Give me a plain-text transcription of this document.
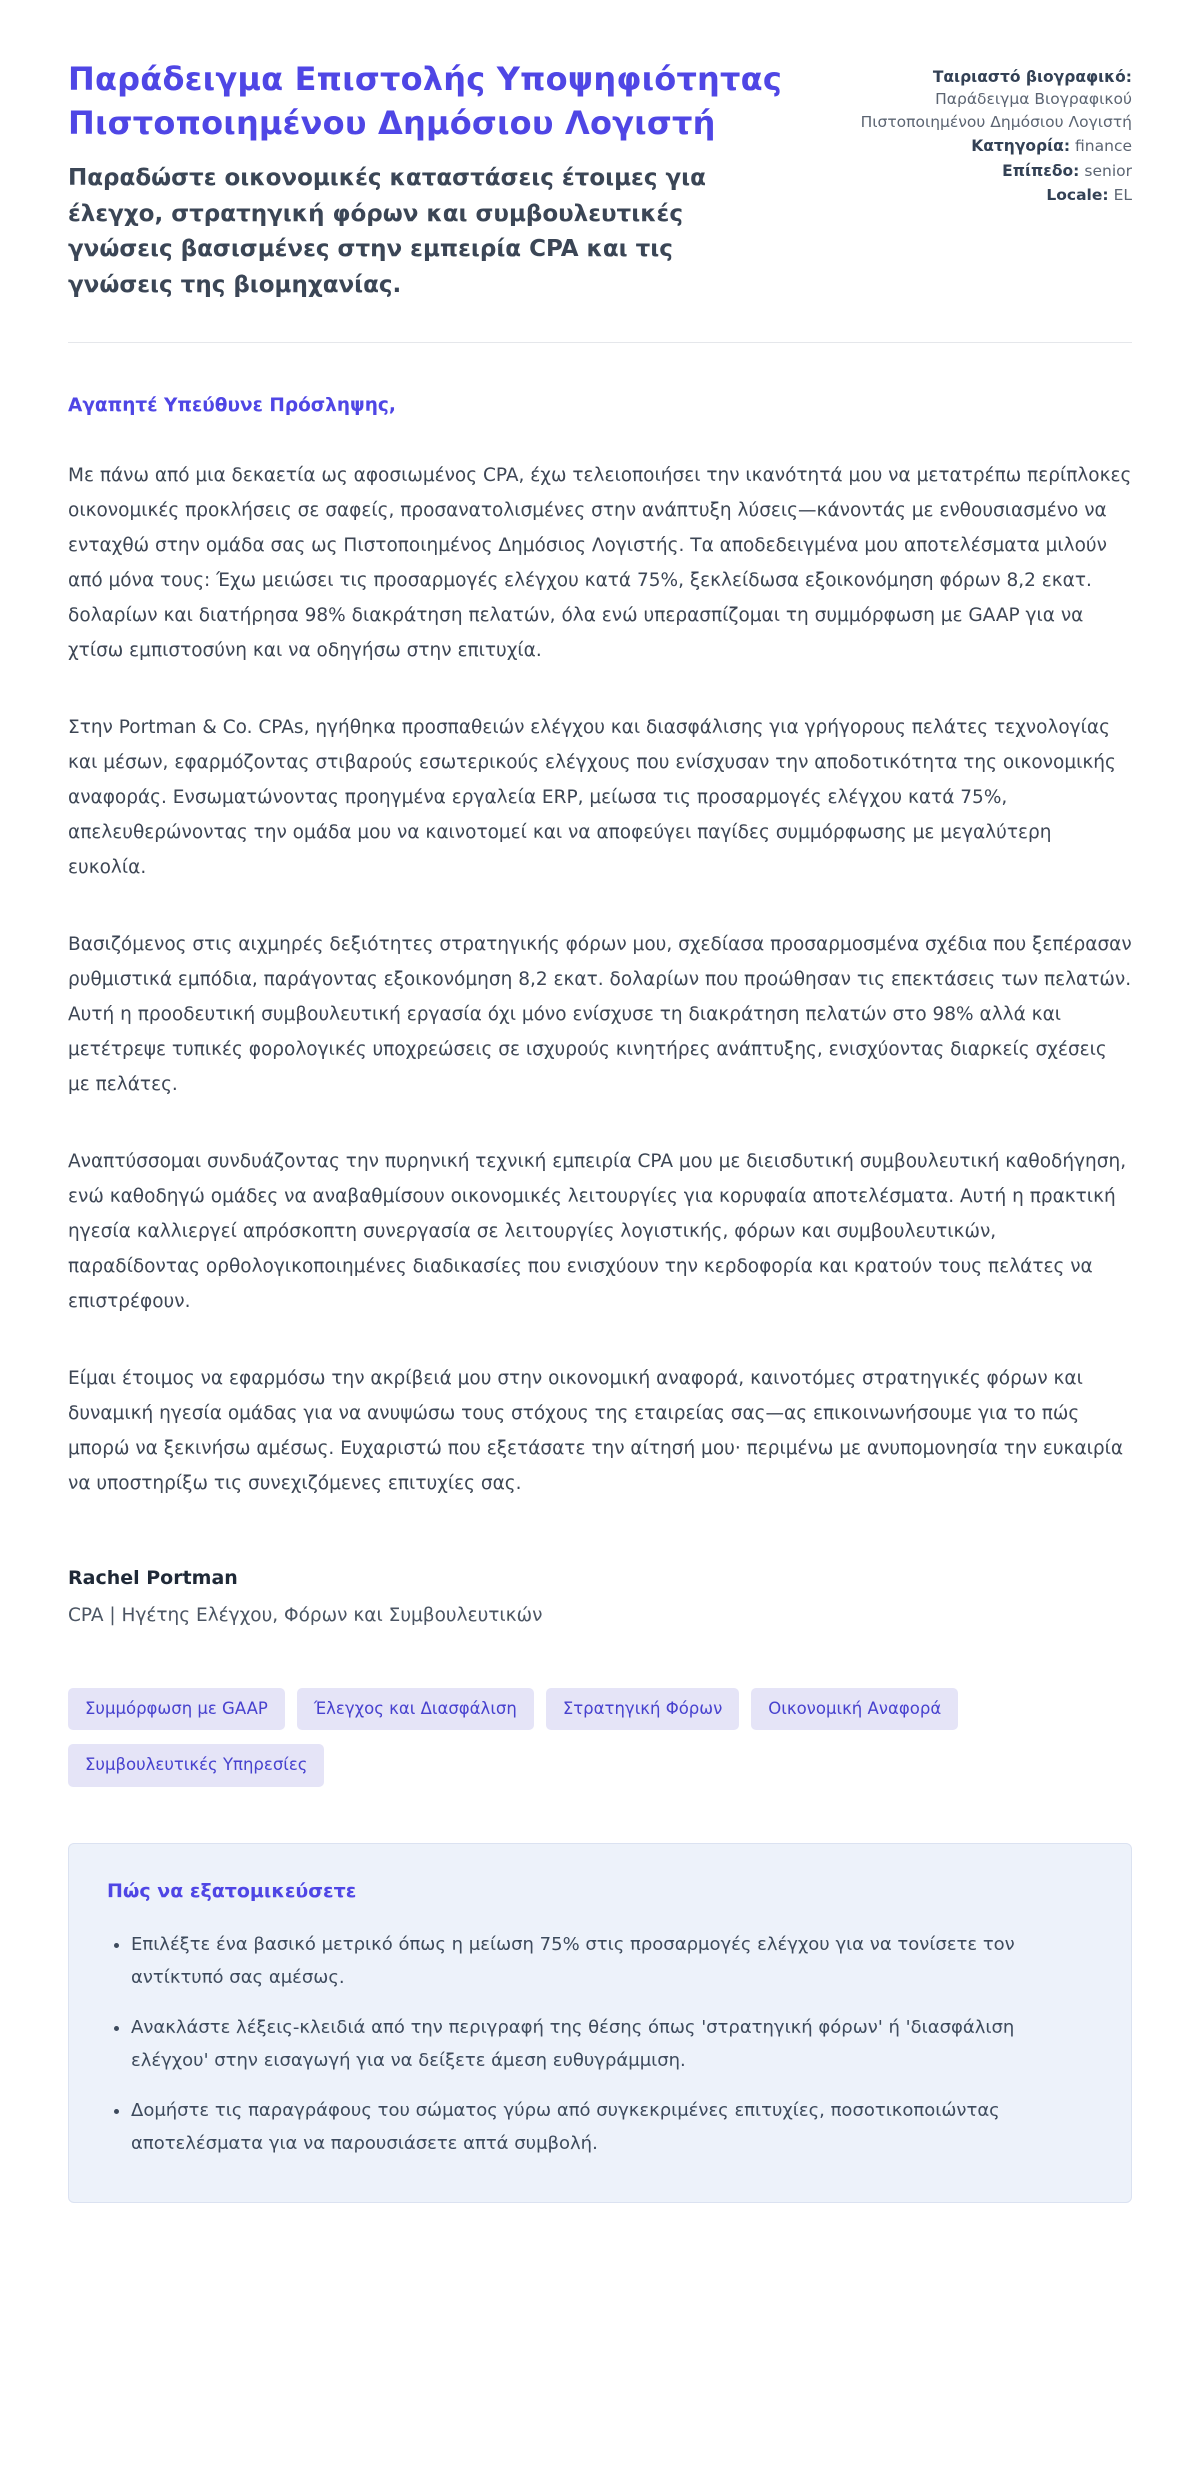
Παράδειγμα Επιστολής Υποψηφιότητας Πιστοποιημένου Δημόσιου Λογιστή

Παραδώστε οικονομικές καταστάσεις έτοιμες για έλεγχο, στρατηγική φόρων και συμβουλευτικές γνώσεις βασισμένες στην εμπειρία CPA και τις γνώσεις της βιομηχανίας.

Ταιριαστό βιογραφικό:
Παράδειγμα Βιογραφικού Πιστοποιημένου Δημόσιου Λογιστή
Κατηγορία: finance
Επίπεδο: senior
Locale: EL

Αγαπητέ Υπεύθυνε Πρόσληψης,

Με πάνω από μια δεκαετία ως αφοσιωμένος CPA, έχω τελειοποιήσει την ικανότητά μου να μετατρέπω περίπλοκες οικονομικές προκλήσεις σε σαφείς, προσανατολισμένες στην ανάπτυξη λύσεις—κάνοντάς με ενθουσιασμένο να ενταχθώ στην ομάδα σας ως Πιστοποιημένος Δημόσιος Λογιστής. Τα αποδεδειγμένα μου αποτελέσματα μιλούν από μόνα τους: Έχω μειώσει τις προσαρμογές ελέγχου κατά 75%, ξεκλείδωσα εξοικονόμηση φόρων 8,2 εκατ. δολαρίων και διατήρησα 98% διακράτηση πελατών, όλα ενώ υπερασπίζομαι τη συμμόρφωση με GAAP για να χτίσω εμπιστοσύνη και να οδηγήσω στην επιτυχία.

Στην Portman & Co. CPAs, ηγήθηκα προσπαθειών ελέγχου και διασφάλισης για γρήγορους πελάτες τεχνολογίας και μέσων, εφαρμόζοντας στιβαρούς εσωτερικούς ελέγχους που ενίσχυσαν την αποδοτικότητα της οικονομικής αναφοράς. Ενσωματώνοντας προηγμένα εργαλεία ERP, μείωσα τις προσαρμογές ελέγχου κατά 75%, απελευθερώνοντας την ομάδα μου να καινοτομεί και να αποφεύγει παγίδες συμμόρφωσης με μεγαλύτερη ευκολία.

Βασιζόμενος στις αιχμηρές δεξιότητες στρατηγικής φόρων μου, σχεδίασα προσαρμοσμένα σχέδια που ξεπέρασαν ρυθμιστικά εμπόδια, παράγοντας εξοικονόμηση 8,2 εκατ. δολαρίων που προώθησαν τις επεκτάσεις των πελατών. Αυτή η προοδευτική συμβουλευτική εργασία όχι μόνο ενίσχυσε τη διακράτηση πελατών στο 98% αλλά και μετέτρεψε τυπικές φορολογικές υποχρεώσεις σε ισχυρούς κινητήρες ανάπτυξης, ενισχύοντας διαρκείς σχέσεις με πελάτες.

Αναπτύσσομαι συνδυάζοντας την πυρηνική τεχνική εμπειρία CPA μου με διεισδυτική συμβουλευτική καθοδήγηση, ενώ καθοδηγώ ομάδες να αναβαθμίσουν οικονομικές λειτουργίες για κορυφαία αποτελέσματα. Αυτή η πρακτική ηγεσία καλλιεργεί απρόσκοπτη συνεργασία σε λειτουργίες λογιστικής, φόρων και συμβουλευτικών, παραδίδοντας ορθολογικοποιημένες διαδικασίες που ενισχύουν την κερδοφορία και κρατούν τους πελάτες να επιστρέφουν.

Είμαι έτοιμος να εφαρμόσω την ακρίβειά μου στην οικονομική αναφορά, καινοτόμες στρατηγικές φόρων και δυναμική ηγεσία ομάδας για να ανυψώσω τους στόχους της εταιρείας σας—ας επικοινωνήσουμε για το πώς μπορώ να ξεκινήσω αμέσως. Ευχαριστώ που εξετάσατε την αίτησή μου· περιμένω με ανυπομονησία την ευκαιρία να υποστηρίξω τις συνεχιζόμενες επιτυχίες σας.

Rachel Portman

CPA | Ηγέτης Ελέγχου, Φόρων και Συμβουλευτικών

Συμμόρφωση με GAAP	Έλεγχος και Διασφάλιση	Στρατηγική Φόρων	Οικονομική Αναφορά
Συμβουλευτικές Υπηρεσίες
Πώς να εξατομικεύσετε
• Επιλέξτε ένα βασικό μετρικό όπως η μείωση 75% στις προσαρμογές ελέγχου για να τονίσετε τον αντίκτυπό σας αμέσως.
• Ανακλάστε λέξεις-κλειδιά από την περιγραφή της θέσης όπως 'στρατηγική φόρων' ή 'διασφάλιση ελέγχου' στην εισαγωγή για να δείξετε άμεση ευθυγράμμιση.
• Δομήστε τις παραγράφους του σώματος γύρω από συγκεκριμένες επιτυχίες, ποσοτικοποιώντας αποτελέσματα για να παρουσιάσετε απτά συμβολή.
